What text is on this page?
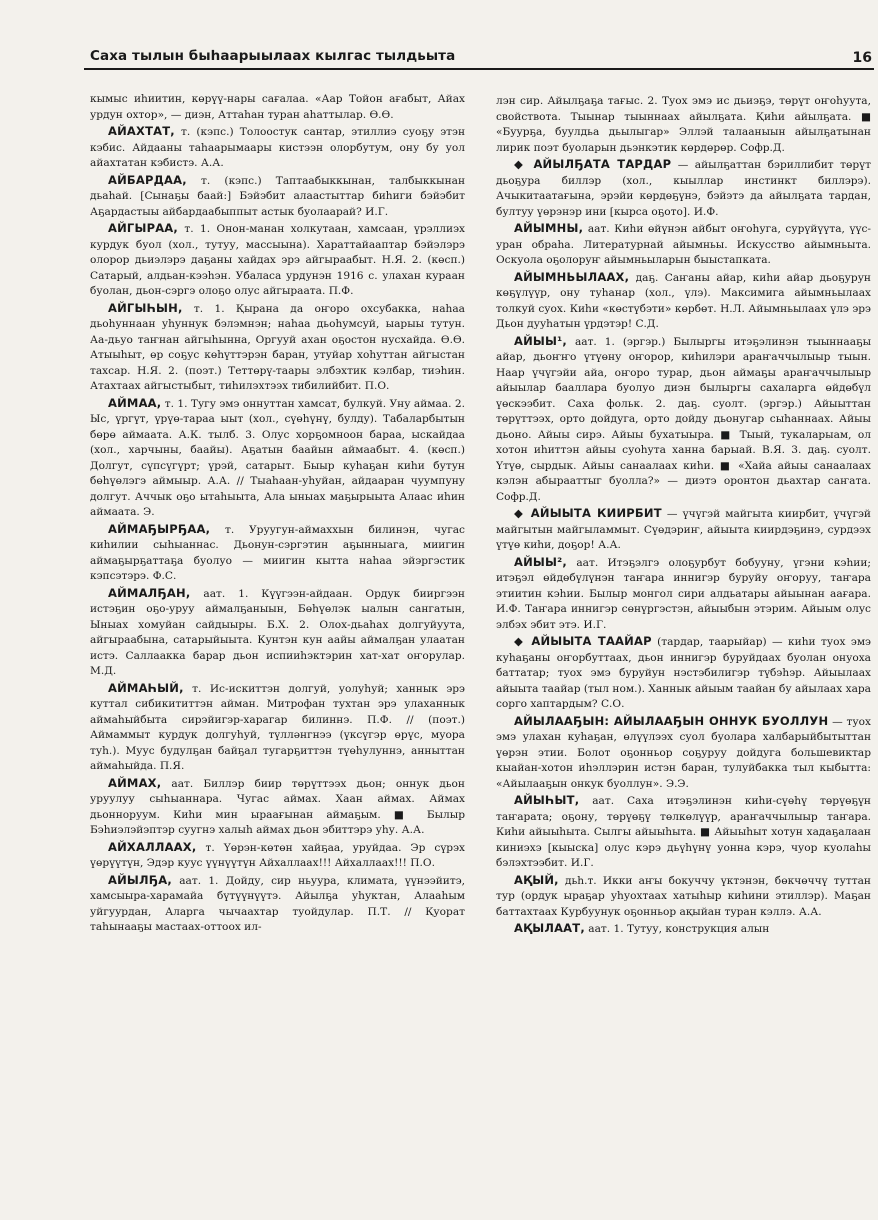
Саха тылын быһаарыылаах кылгас тылдьыта	16

кымыс иһиитин, көрүү-нары сағалаа. «Аар Тойон ағабыт, Айах урдун охтор», — диэн, Аттаһан туран аһаттылар. Ө.Ө.

АЙАХТАТ, т. (кэпс.) Толоостук сантар, этиллиэ суоҕу этэн кэбис. Айдааны таһаарымаары кистээн олорбутум, ону бу уол айахтатан кэбистэ. А.А.

АЙБАРДАА, т. (кэпс.) Таптаабыккынан, талбыккынан дьаһай. [Сынаҕы баай:] Бэйэбит алаастыттар биһиги бэйэбит Аҕардастыы айбардаабыппыт астык буолаарай? И.Г.

АЙГЫРАА, т. 1. Онон-манан холкутаан, хамсаан, үрэллиэх курдук буол (хол., тутуу, массыына). Хараттайааптар бэйэлэрэ олорор дьиэлэрэ даҕаны хайдах эрэ айгыраабыт. Н.Я. 2. (көсп.) Сатарый, алдьан-кээһэн. Убаласа урдунэн 1916 с. улахан кураан буолан, дьон-сэргэ олоҕо олус айгыраата. П.Ф.

АЙГЫҺЫН, т. 1. Қырана да оҥоро охсубакка, наһаа дьоһуннаан уһуннук бэлэмнэн; наһаа дьоһумсуй, ыарыы тутун. Аа-дьуо таҥнан айгыһынна, Оргууй ахан оҕостон нусхайда. Ө.Ө. Атыыһыт, өр соҕус көһүттэрэн баран, утуйар хоһуттан айгыстан тахсар. Н.Я. 2. (поэт.) Теттөрү-таары элбэхтик кэлбар, тиэһин. Атахтаах айгыстыбыт, тиһилэхтээх тибилийбит. П.О.

АЙМАА, т. 1. Тугу эмэ оннуттан хамсат, булкуй. Уну аймаа. 2. Ыс, үргүт, үрүө-тараа ыыт (хол., сүөһүнү, булду). Табаларбытын бөрө аймаата. А.К. тылб. 3. Олус хорҕомноон бараа, ыскайдаа (хол., харчыны, баайы). Аҕатын баайын аймаабыт. 4. (көсп.) Долгут, сүпсүгүрт; үрэй, сатарыт. Быыр куһаҕан киһи бутун бөһүөлэгэ аймыыр. А.А. // Тыаһаан-уһуйан, айдааран чуумпуну долгут. Аччык оҕо ытаһыыта, Ала ыныах маҕырыыта Алаас иһин аймаата. Э.

АЙМАҔЫРҔАА, т. Уруугун-аймаххын билинэн, чугас киһилии сыһыаннас. Дьонун-сэргэтин аҕынныага, миигин аймаҕырҕаттаҕа буолуо — миигин кытта наһаа эйэргэстик кэпсэтэрэ. Ф.С.

АЙМАЛҔАН, аат. 1. Күүгээн-айдаан. Ордук бииргээн истэҕин оҕо-уруу аймалҕаныын, Бөһүөлэк ыалын сангатын, Ыныах хомуйан сайдыыры. Б.Х. 2. Олох-дьаһах долгуйуута, айгыраабына, сатарыйыыта. Кунтэн кун аайы аймалҕан улаатан истэ. Саллаакка барар дьон испииһэктэрин хат-хат оҥорулар. М.Д.

АЙМАҺЫЙ, т. Ис-искиттэн долгуй, уолуһуй; ханнык эрэ куттал сибикититтэн айман. Митрофан тухтан эрэ улаханнык аймаһыйбыта сирэйигэр-харагар билиннэ. П.Ф. // (поэт.) Аймаммыт курдук долгуһуй, түлләнгнээ (үксүгэр өрүс, муора туһ.). Муус будулҕан байҕал тугарҕиттэн түөһулуннэ, анныттан аймаһыйда. П.Я.

АЙМАХ, аат. Биллэр биир төрүттээх дьон; оннук дьон уруулуу сыһыаннара. Чугас аймах. Хаан аймах. Аймах дьонноруум. Киһи мин ыраағынан аймаҕым. ■ Былыр Бэһиэлэйэптэр суугнэ халыһ аймах дьон эбиттэрэ уһу. А.А.

АЙХАЛЛААХ, т. Үөрэн-көтөн хайҕаа, уруйдаа. Эр сүрэх үөрүүтүн, Эдэр куус үүнүүтүн Айхаллаах!!! Айхаллаах!!! П.О.

АЙЫЛҔА, аат. 1. Дойду, сир ньуура, климата, үүнээйитэ, хамсыыра-харамайа бүтүүнүүтэ. Айылҕа уһуктан, Алааһым уйгуурдан, Аларга чычаахтар туойдулар. П.Т. // Қуорат таһынааҕы мастаах-оттоох ил-

лэн сир. Айылҕаҕа тағыс. 2. Туох эмэ ис дьиэҕэ, төрүт оҥоһуута, свойствота. Тыынар тыыннаах айылҕата. Қиһи айылҕата. ■ «Буурҕа, буулдьа дьылыгар» Эллэй талааныын айылҕатынан лирик поэт буоларын дьэнкэтик көрдөрөр. Софр.Д.

◆ АЙЫЛҔАТА ТАРДАР — айылҕаттан бэриллибит төрүт дьоҕура биллэр (хол., кыыллар инстинкт биллэрэ). Ачыкитаатағына, эрэйи көрдөҕүнэ, бэйэтэ да айылҕата тардан, бултуу үөрэнэр ини [кырса оҕото]. И.Ф.

АЙЫМНЫ, аат. Киһи өйүнэн айбыт оҥоһуга, сурүйүүта, үүс-уран обраһа. Литературнай айымньы. Искусство айымньыта. Оскуола оҕолоруҥ айымньыларын быыстапката.

АЙЫМНЬЫЛААХ, даҕ. Саҥаны айар, киһи айар дьоҕурун көҕүлүүр, ону туһанар (хол., үлэ). Максимига айымньылаах толкуй суох. Киһи «көстүбэти» көрбөт. Н.Л. Айымньылаах үлэ эрэ Дьон дууһатын үрдэтэр! С.Д.

АЙЫЫ¹, аат. 1. (эргэр.) Былыргы итэҕэлинэн тыыннааҕы айар, дьоҥҥо үтүөну оҥорор, киһилэри араҥаччылыыр тыын. Наар үчүгэйи айа, оҥоро турар, дьон аймаҕы араҥаччылыыр айыылар баалларa буолуо диэн былыргы сахаларга өйдөбүл үөскээбит. Саха фольк. 2. даҕ. суолт. (эргэр.) Айыыттан төрүттээх, орто дойдуга, орто дойду дьонугар сыһаннаах. Айыы дьоно. Айыы сирэ. Айыы бухатыыра. ■ Тыый, тукаларыам, ол хотон иһиттэн айыы суоһута ханна барыай. В.Я. 3. даҕ. суолт. Үтүө, сырдык. Айыы санаалаах киһи. ■ «Хайа айыы санаалаах кэлэн абырааттыг буолла?» — диэтэ оронтон дьахтар саҥата. Софр.Д.

◆ АЙЫЫТА КИИРБИТ — үчүгэй майгыта киирбит, үчүгэй майгытын майгыламмыт. Сүөдэриҥ, айыыта киирдэҕинэ, сурдээх үтүө киһи, доҕор! А.А.

АЙЫЫ², аат. Итэҕэлгэ олоҕурбут бобууну, үгэни кэһии; итэҕэл өйдөбүлүнэн таҥара иннигэр буруйу оҥоруу, таҥара этиитин кэһии. Былыр монгол сири алдьатары айыынан аағара. И.Ф. Таҥара иннигэр сөнүргэстэн, айыыбын этэрим. Айыым олус элбэх эбит этэ. И.Г.

◆ АЙЫЫТА ТААЙАР (тардар, таарыйар) — киһи туох эмэ куһаҕаны оҥорбуттаах, дьон иннигэр буруйдаах буолан онуоха баттатар; туох эмэ буруйун нэстэбилигэр түбэһэр. Айыылаах айыыта таайар (тыл ном.). Ханнык айыым таайан бу айылаах хара сорго хаптардым? С.О.

АЙЫЛААҔЫН: АЙЫЛААҔЫН ОННУК БУОЛЛУН — туох эмэ улахан куһаҕан, өлүүлээх суол буоларa халбарыйбытыттан үөрэн этии. Болот оҕонньор соҕуруу дойдуга большевиктар кыайан-хотон иһэллэрин истэн баран, тулуйбакка тыл кыбытта: «Айылааҕын онкук буоллун». Э.Э.

АЙЫҺЫТ, аат. Саха итэҕэлинэн киһи-сүөһү төрүөҕүн таҥарата; оҕону, төрүөҕү төлкөлүүр, араҥаччылыыр таҥара. Киһи айыыһыта. Сылгы айыыһыта. ■ Айыыһыт хотун хадаҕалаан киниэхэ [кыыска] олус кэрэ дьүһүнү уонна кэрэ, чуор куолаһы бэлэхтээбит. И.Г.

АҚЫЙ, дьһ.т. Икки аҥы бокуччу үктэнэн, бөкчөччү туттан тур (ордук ыраҕар уһуохтаах хатыһыр киһини этиллэр). Маҕан баттахтаах Курбуунук оҕонньор ақыйан туран кэллэ. А.А.

АҚЫЛААТ, аат. 1. Тутуу, конструкция алын
